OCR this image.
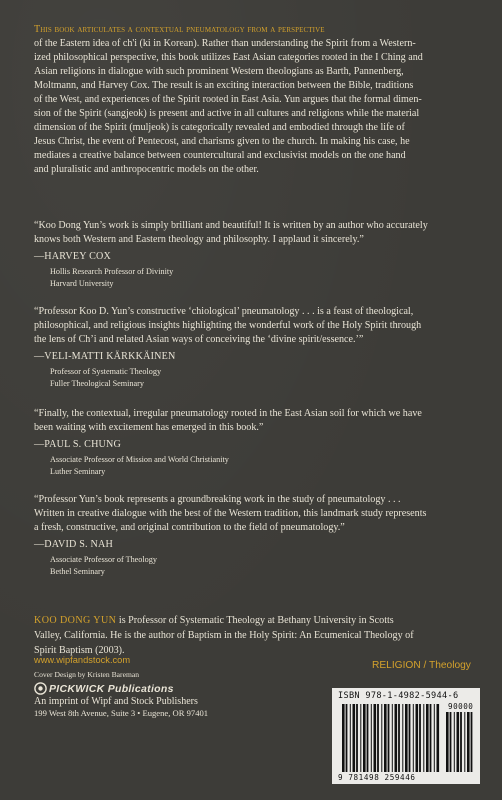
This book articulates a contextual pneumatology from a perspective
of the Eastern idea of ch'i (ki in Korean). Rather than understanding the Spirit from a Western-
ized philosophical perspective, this book utilizes East Asian categories rooted in the I Ching and
Asian religions in dialogue with such prominent Western theologians as Barth, Pannenberg,
Moltmann, and Harvey Cox. The result is an exciting interaction between the Bible, traditions
of the West, and experiences of the Spirit rooted in East Asia. Yun argues that the formal dimen-
sion of the Spirit (sangjeok) is present and active in all cultures and religions while the material
dimension of the Spirit (muljeok) is categorically revealed and embodied through the life of
Jesus Christ, the event of Pentecost, and charisms given to the church. In making his case, he
mediates a creative balance between countercultural and exclusivist models on the one hand
and pluralistic and anthropocentric models on the other.

“Koo Dong Yun’s work is simply brilliant and beautiful! It is written by an author who accurately
knows both Western and Eastern theology and philosophy. I applaud it sincerely.”

—HARVEY COX

Hollis Research Professor of Divinity
Harvard University

“Professor Koo D. Yun’s constructive ‘chiological’ pneumatology . . . is a feast of theological,
philosophical, and religious insights highlighting the wonderful work of the Holy Spirit through
the lens of Ch’i and related Asian ways of conceiving the ‘divine spirit/essence.’”

—VELI-MATTI KÄRKKÄINEN

Professor of Systematic Theology
Fuller Theological Seminary

“Finally, the contextual, irregular pneumatology rooted in the East Asian soil for which we have
been waiting with excitement has emerged in this book.”

—PAUL S. CHUNG

Associate Professor of Mission and World Christianity
Luther Seminary

“Professor Yun’s book represents a groundbreaking work in the study of pneumatology . . .
Written in creative dialogue with the best of the Western tradition, this landmark study represents
a fresh, constructive, and original contribution to the field of pneumatology.”

—DAVID S. NAH

Associate Professor of Theology
Bethel Seminary

KOO DONG YUN is Professor of Systematic Theology at Bethany University in Scotts
Valley, California. He is the author of Baptism in the Holy Spirit: An Ecumenical Theology of
Spirit Baptism (2003).
www.wipfandstock.com
Cover Design by Kristen Bareman
PICKWICK Publications
An imprint of Wipf and Stock Publishers
199 West 8th Avenue, Suite 3 • Eugene, OR 97401
RELIGION / Theology
ISBN 978-1-4982-5944-6
90000
9 781498 259446
